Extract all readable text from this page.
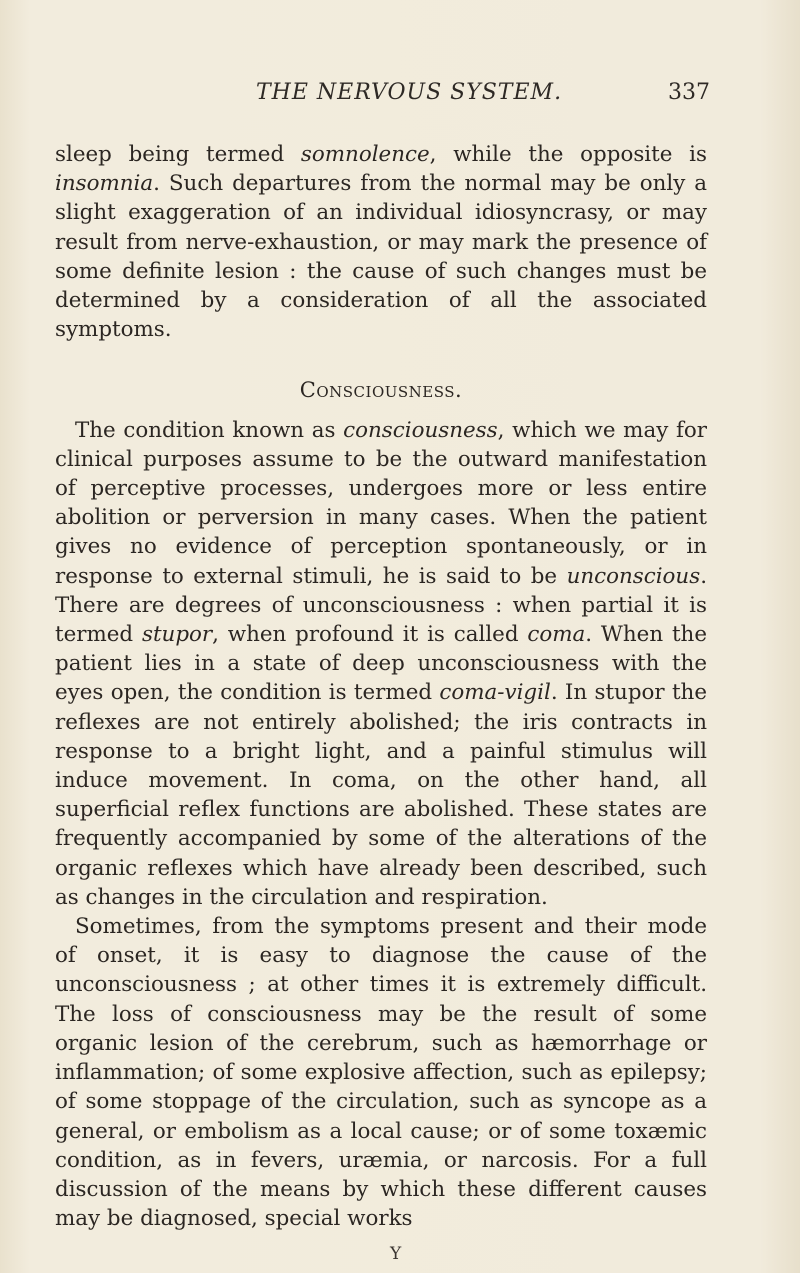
THE NERVOUS SYSTEM.	337

sleep being termed somnolence, while the opposite is insomnia. Such departures from the normal may be only a slight exaggeration of an individual idiosyncrasy, or may result from nerve-exhaustion, or may mark the presence of some definite lesion : the cause of such changes must be determined by a consideration of all the associated symptoms.

Consciousness.

The condition known as consciousness, which we may for clinical purposes assume to be the outward manifestation of perceptive processes, undergoes more or less entire abolition or perversion in many cases. When the patient gives no evidence of perception spontaneously, or in response to external stimuli, he is said to be unconscious. There are degrees of unconsciousness : when partial it is termed stupor, when profound it is called coma. When the patient lies in a state of deep unconsciousness with the eyes open, the condition is termed coma-vigil. In stupor the reflexes are not entirely abolished; the iris contracts in response to a bright light, and a painful stimulus will induce movement. In coma, on the other hand, all superficial reflex functions are abolished. These states are frequently accompanied by some of the alterations of the organic reflexes which have already been described, such as changes in the circulation and respiration.

Sometimes, from the symptoms present and their mode of onset, it is easy to diagnose the cause of the unconsciousness ; at other times it is extremely difficult. The loss of consciousness may be the result of some organic lesion of the cerebrum, such as hæmorrhage or inflammation; of some explosive affection, such as epilepsy; of some stoppage of the circulation, such as syncope as a general, or embolism as a local cause; or of some toxæmic condition, as in fevers, uræmia, or narcosis. For a full discussion of the means by which these different causes may be diagnosed, special works

Y
